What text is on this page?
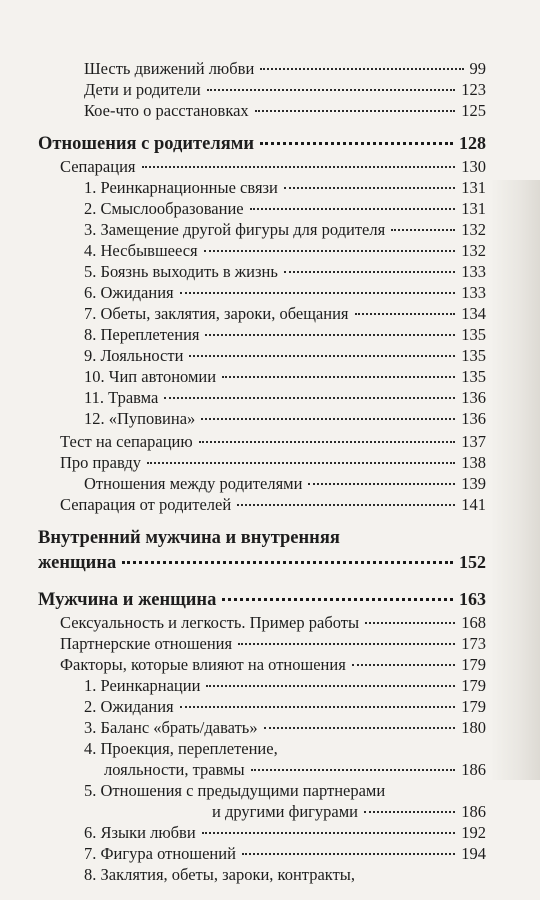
Шесть движений любви	99
Дети и родители	123
Кое-что о расстановках	125
Отношения с родителями	128
Сепарация	130
1. Реинкарнационные связи	131
2. Смыслообразование	131
3. Замещение другой фигуры для родителя	132
4. Несбывшееся	132
5. Боязнь выходить в жизнь	133
6. Ожидания	133
7. Обеты, заклятия, зароки, обещания	134
8. Переплетения	135
9. Лояльности	135
10. Чип автономии	135
11. Травма	136
12. «Пуповина»	136
Тест на сепарацию	137
Про правду	138
Отношения между родителями	139
Сепарация от родителей	141
Внутренний мужчина и внутренняя
женщина	152
Мужчина и женщина	163
Сексуальность и легкость. Пример работы	168
Партнерские отношения	173
Факторы, которые влияют на отношения	179
1. Реинкарнации	179
2. Ожидания	179
3. Баланс «брать/давать»	180
4. Проекция, переплетение,
лояльности, травмы	186
5. Отношения с предыдущими партнерами
и другими фигурами	186
6. Языки любви	192
7. Фигура отношений	194
8. Заклятия, обеты, зароки, контракты,
